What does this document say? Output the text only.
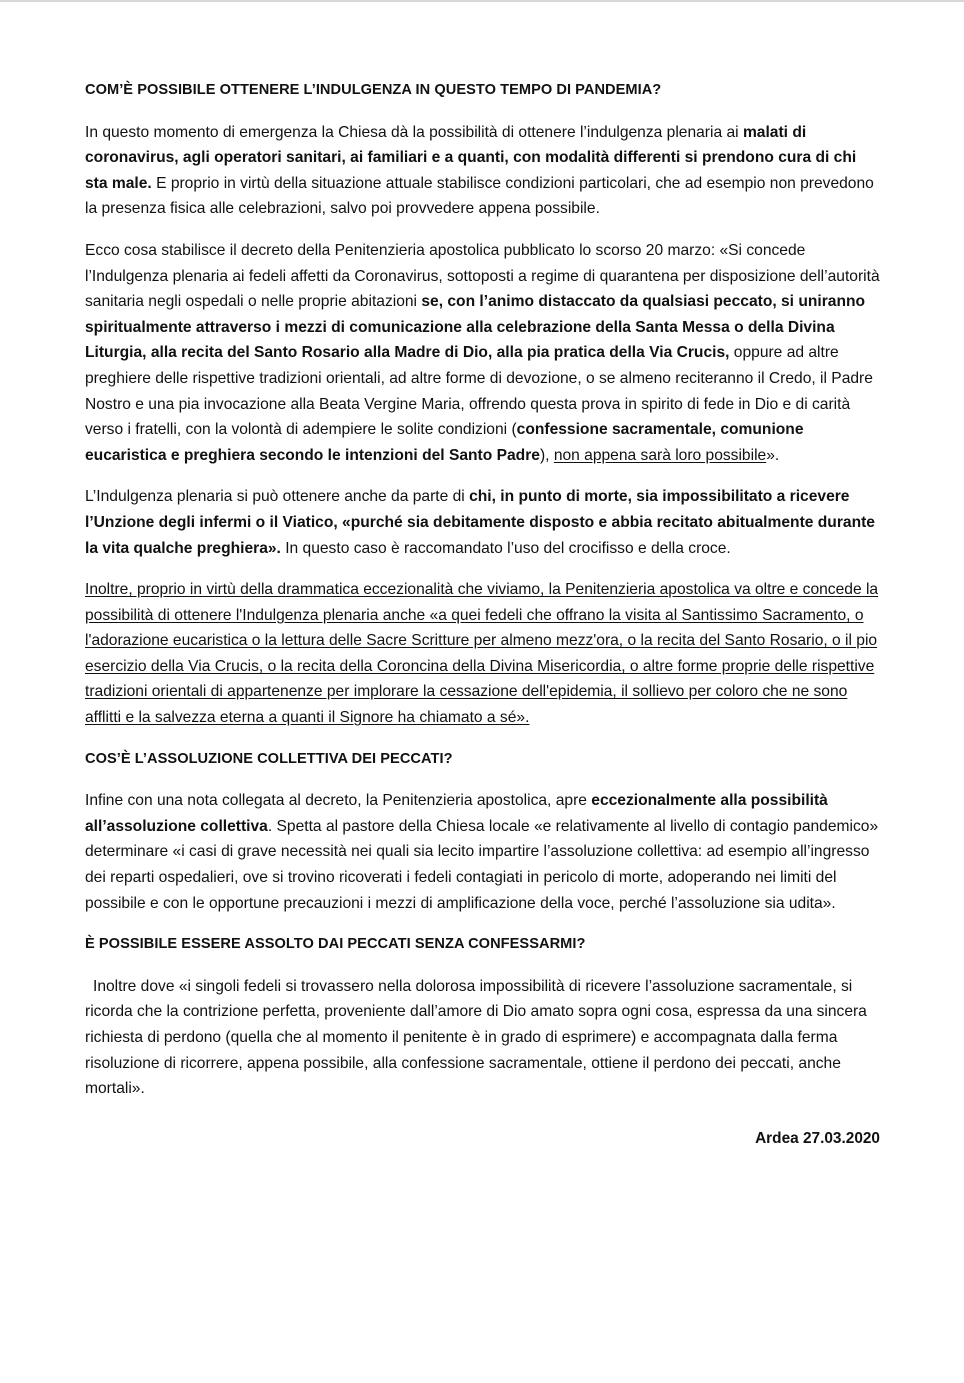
COM’È POSSIBILE OTTENERE L’INDULGENZA IN QUESTO TEMPO DI PANDEMIA?

In questo momento di emergenza la Chiesa dà la possibilità di ottenere l’indulgenza plenaria ai malati di coronavirus, agli operatori sanitari, ai familiari e a quanti, con modalità differenti si prendono cura di chi sta male. E proprio in virtù della situazione attuale stabilisce condizioni particolari, che ad esempio non prevedono la presenza fisica alle celebrazioni, salvo poi provvedere appena possibile.

Ecco cosa stabilisce il decreto della Penitenzieria apostolica pubblicato lo scorso 20 marzo: «Si concede l’Indulgenza plenaria ai fedeli affetti da Coronavirus, sottoposti a regime di quarantena per disposizione dell’autorità sanitaria negli ospedali o nelle proprie abitazioni se, con l’animo distaccato da qualsiasi peccato, si uniranno spiritualmente attraverso i mezzi di comunicazione alla celebrazione della Santa Messa o della Divina Liturgia, alla recita del Santo Rosario alla Madre di Dio, alla pia pratica della Via Crucis, oppure ad altre preghiere delle rispettive tradizioni orientali, ad altre forme di devozione, o se almeno reciteranno il Credo, il Padre Nostro e una pia invocazione alla Beata Vergine Maria, offrendo questa prova in spirito di fede in Dio e di carità verso i fratelli, con la volontà di adempiere le solite condizioni (confessione sacramentale, comunione eucaristica e preghiera secondo le intenzioni del Santo Padre), non appena sarà loro possibile».

L’Indulgenza plenaria si può ottenere anche da parte di chi, in punto di morte, sia impossibilitato a ricevere l’Unzione degli infermi o il Viatico, «purché sia debitamente disposto e abbia recitato abitualmente durante la vita qualche preghiera». In questo caso è raccomandato l’uso del crocifisso e della croce.

Inoltre, proprio in virtù della drammatica eccezionalità che viviamo, la Penitenzieria apostolica va oltre e concede la possibilità di ottenere l'Indulgenza plenaria anche «a quei fedeli che offrano la visita al Santissimo Sacramento, o l'adorazione eucaristica o la lettura delle Sacre Scritture per almeno mezz'ora, o la recita del Santo Rosario, o il pio esercizio della Via Crucis, o la recita della Coroncina della Divina Misericordia, o altre forme proprie delle rispettive tradizioni orientali di appartenenze per implorare la cessazione dell'epidemia, il sollievo per coloro che ne sono afflitti e la salvezza eterna a quanti il Signore ha chiamato a sé».

COS’È L’ASSOLUZIONE COLLETTIVA DEI PECCATI?

Infine con una nota collegata al decreto, la Penitenzieria apostolica, apre eccezionalmente alla possibilità all’assoluzione collettiva. Spetta al pastore della Chiesa locale «e relativamente al livello di contagio pandemico» determinare «i casi di grave necessità nei quali sia lecito impartire l’assoluzione collettiva: ad esempio all’ingresso dei reparti ospedalieri, ove si trovino ricoverati i fedeli contagiati in pericolo di morte, adoperando nei limiti del possibile e con le opportune precauzioni i mezzi di amplificazione della voce, perché l’assoluzione sia udita».

È POSSIBILE ESSERE ASSOLTO DAI PECCATI SENZA CONFESSARMI?

Inoltre dove «i singoli fedeli si trovassero nella dolorosa impossibilità di ricevere l’assoluzione sacramentale, si ricorda che la contrizione perfetta, proveniente dall’amore di Dio amato sopra ogni cosa, espressa da una sincera richiesta di perdono (quella che al momento il penitente è in grado di esprimere) e accompagnata dalla ferma risoluzione di ricorrere, appena possibile, alla confessione sacramentale, ottiene il perdono dei peccati, anche mortali».

Ardea 27.03.2020
